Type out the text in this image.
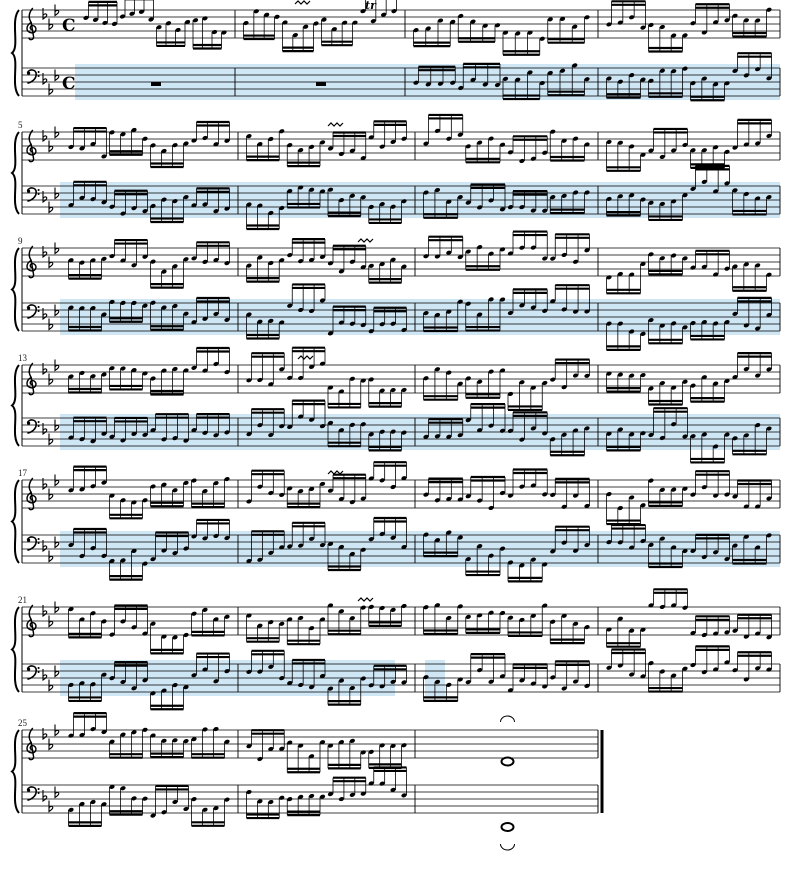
C
C
tr
5
9
13
17
21
25
